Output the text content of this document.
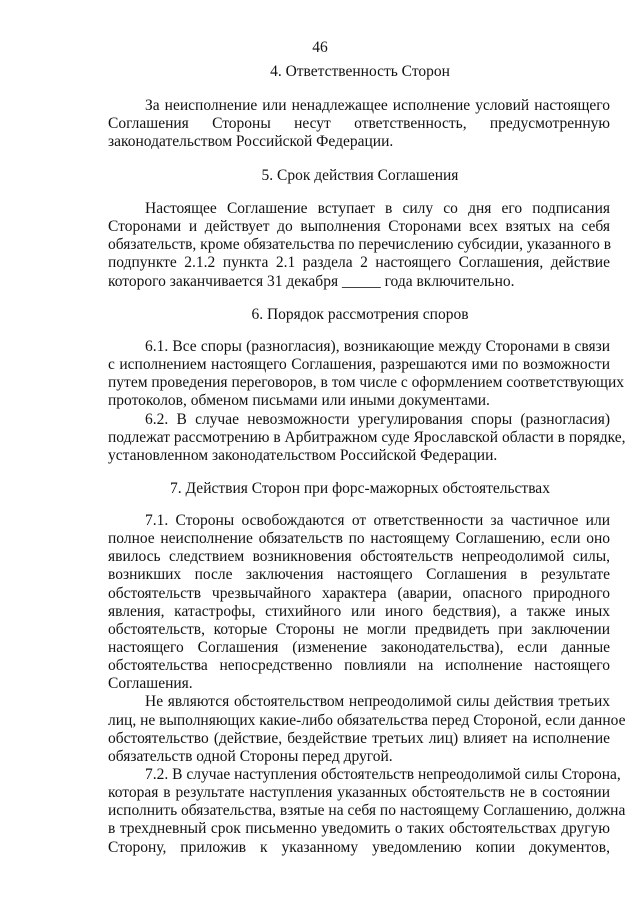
46
4. Ответственность Сторон
За неисполнение или ненадлежащее исполнение условий настоящего
Соглашения Стороны несут ответственность, предусмотренную
законодательством Российской Федерации.
5. Срок действия Соглашения
Настоящее Соглашение вступает в силу со дня его подписания
Сторонами и действует до выполнения Сторонами всех взятых на себя
обязательств, кроме обязательства по перечислению субсидии, указанного в
подпункте 2.1.2 пункта 2.1 раздела 2 настоящего Соглашения, действие
которого заканчивается 31 декабря _____ года включительно.
6. Порядок рассмотрения споров
6.1. Все споры (разногласия), возникающие между Сторонами в связи
с исполнением настоящего Соглашения, разрешаются ими по возможности
путем проведения переговоров, в том числе с оформлением соответствующих
протоколов, обменом письмами или иными документами.
6.2. В случае невозможности урегулирования споры (разногласия)
подлежат рассмотрению в Арбитражном суде Ярославской области в порядке,
установленном законодательством Российской Федерации.
7. Действия Сторон при форс-мажорных обстоятельствах
7.1. Стороны освобождаются от ответственности за частичное или
полное неисполнение обязательств по настоящему Соглашению, если оно
явилось следствием возникновения обстоятельств непреодолимой силы,
возникших после заключения настоящего Соглашения в результате
обстоятельств чрезвычайного характера (аварии, опасного природного
явления, катастрофы, стихийного или иного бедствия), а также иных
обстоятельств, которые Стороны не могли предвидеть при заключении
настоящего Соглашения (изменение законодательства), если данные
обстоятельства непосредственно повлияли на исполнение настоящего
Соглашения.
Не являются обстоятельством непреодолимой силы действия третьих
лиц, не выполняющих какие-либо обязательства перед Стороной, если данное
обстоятельство (действие, бездействие третьих лиц) влияет на исполнение
обязательств одной Стороны перед другой.
7.2. В случае наступления обстоятельств непреодолимой силы Сторона,
которая в результате наступления указанных обстоятельств не в состоянии
исполнить обязательства, взятые на себя по настоящему Соглашению, должна
в трехдневный срок письменно уведомить о таких обстоятельствах другую
Сторону, приложив к указанному уведомлению копии документов,
